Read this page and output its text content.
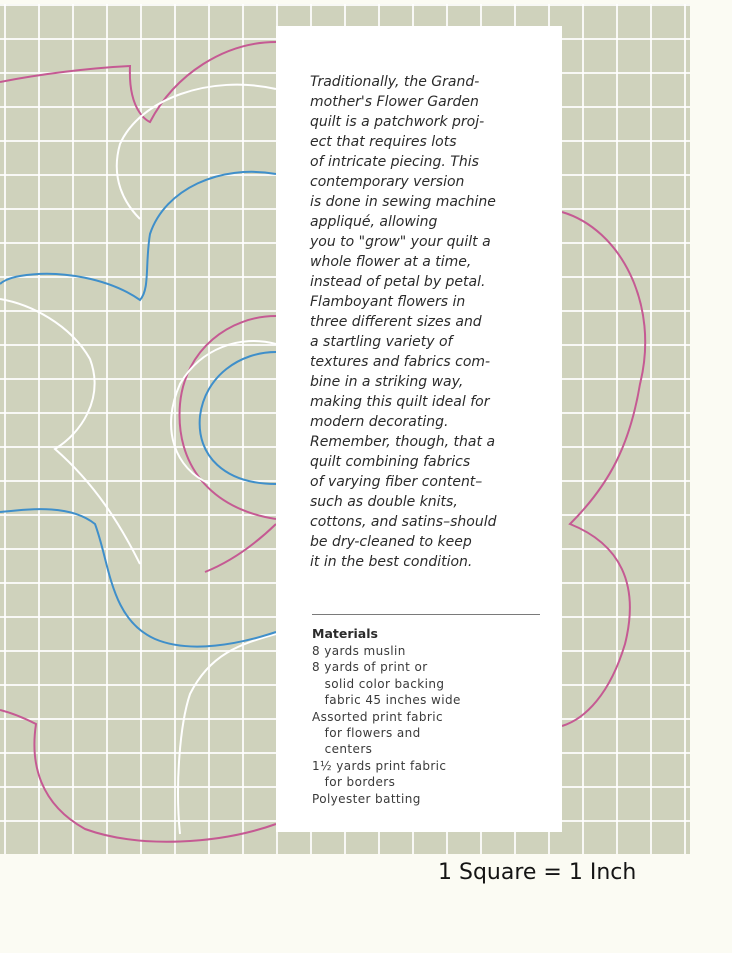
Traditionally, the Grand-
mother's Flower Garden
quilt is a patchwork proj-
ect that requires lots
of intricate piecing. This
contemporary version
is done in sewing machine
appliqué, allowing
you to "grow" your quilt a
whole flower at a time,
instead of petal by petal.
Flamboyant flowers in
three different sizes and
a startling variety of
textures and fabrics com-
bine in a striking way,
making this quilt ideal for
modern decorating.
Remember, though, that a
quilt combining fabrics
of varying fiber content–
such as double knits,
cottons, and satins–should
be dry-cleaned to keep
it in the best condition.

Materials
8 yards muslin
8 yards of print or
solid color backing
fabric 45 inches wide
Assorted print fabric
for flowers and
centers
1½ yards print fabric
for borders
Polyester batting

1 Square = 1 Inch
